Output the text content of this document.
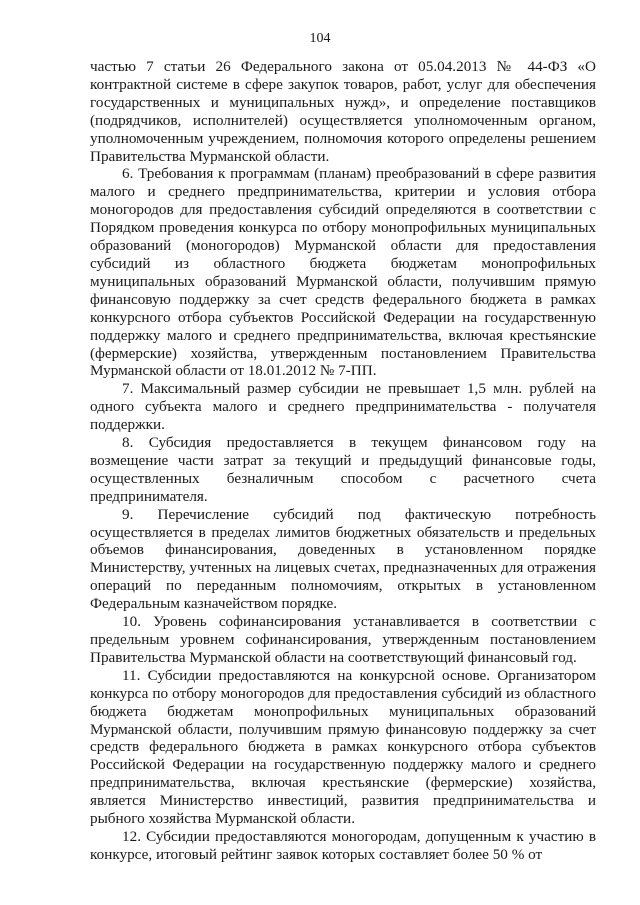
104

частью 7 статьи 26 Федерального закона от 05.04.2013 № 44-ФЗ «О контрактной системе в сфере закупок товаров, работ, услуг для обеспечения государственных и муниципальных нужд», и определение поставщиков (подрядчиков, исполнителей) осуществляется уполномоченным органом, уполномоченным учреждением, полномочия которого определены решением Правительства Мурманской области.

6. Требования к программам (планам) преобразований в сфере развития малого и среднего предпринимательства, критерии и условия отбора моногородов для предоставления субсидий определяются в соответствии с Порядком проведения конкурса по отбору монопрофильных муниципальных образований (моногородов) Мурманской области для предоставления субсидий из областного бюджета бюджетам монопрофильных муниципальных образований Мурманской области, получившим прямую финансовую поддержку за счет средств федерального бюджета в рамках конкурсного отбора субъектов Российской Федерации на государственную поддержку малого и среднего предпринимательства, включая крестьянские (фермерские) хозяйства, утвержденным постановлением Правительства Мурманской области от 18.01.2012 № 7-ПП.

7. Максимальный размер субсидии не превышает 1,5 млн. рублей на одного субъекта малого и среднего предпринимательства - получателя поддержки.

8. Субсидия предоставляется в текущем финансовом году на возмещение части затрат за текущий и предыдущий финансовые годы, осуществленных безналичным способом с расчетного счета предпринимателя.

9. Перечисление субсидий под фактическую потребность осуществляется в пределах лимитов бюджетных обязательств и предельных объемов финансирования, доведенных в установленном порядке Министерству, учтенных на лицевых счетах, предназначенных для отражения операций по переданным полномочиям, открытых в установленном Федеральным казначейством порядке.

10. Уровень софинансирования устанавливается в соответствии с предельным уровнем софинансирования, утвержденным постановлением Правительства Мурманской области на соответствующий финансовый год.

11. Субсидии предоставляются на конкурсной основе. Организатором конкурса по отбору моногородов для предоставления субсидий из областного бюджета бюджетам монопрофильных муниципальных образований Мурманской области, получившим прямую финансовую поддержку за счет средств федерального бюджета в рамках конкурсного отбора субъектов Российской Федерации на государственную поддержку малого и среднего предпринимательства, включая крестьянские (фермерские) хозяйства, является Министерство инвестиций, развития предпринимательства и рыбного хозяйства Мурманской области.

12. Субсидии предоставляются моногородам, допущенным к участию в конкурсе, итоговый рейтинг заявок которых составляет более 50 % от
